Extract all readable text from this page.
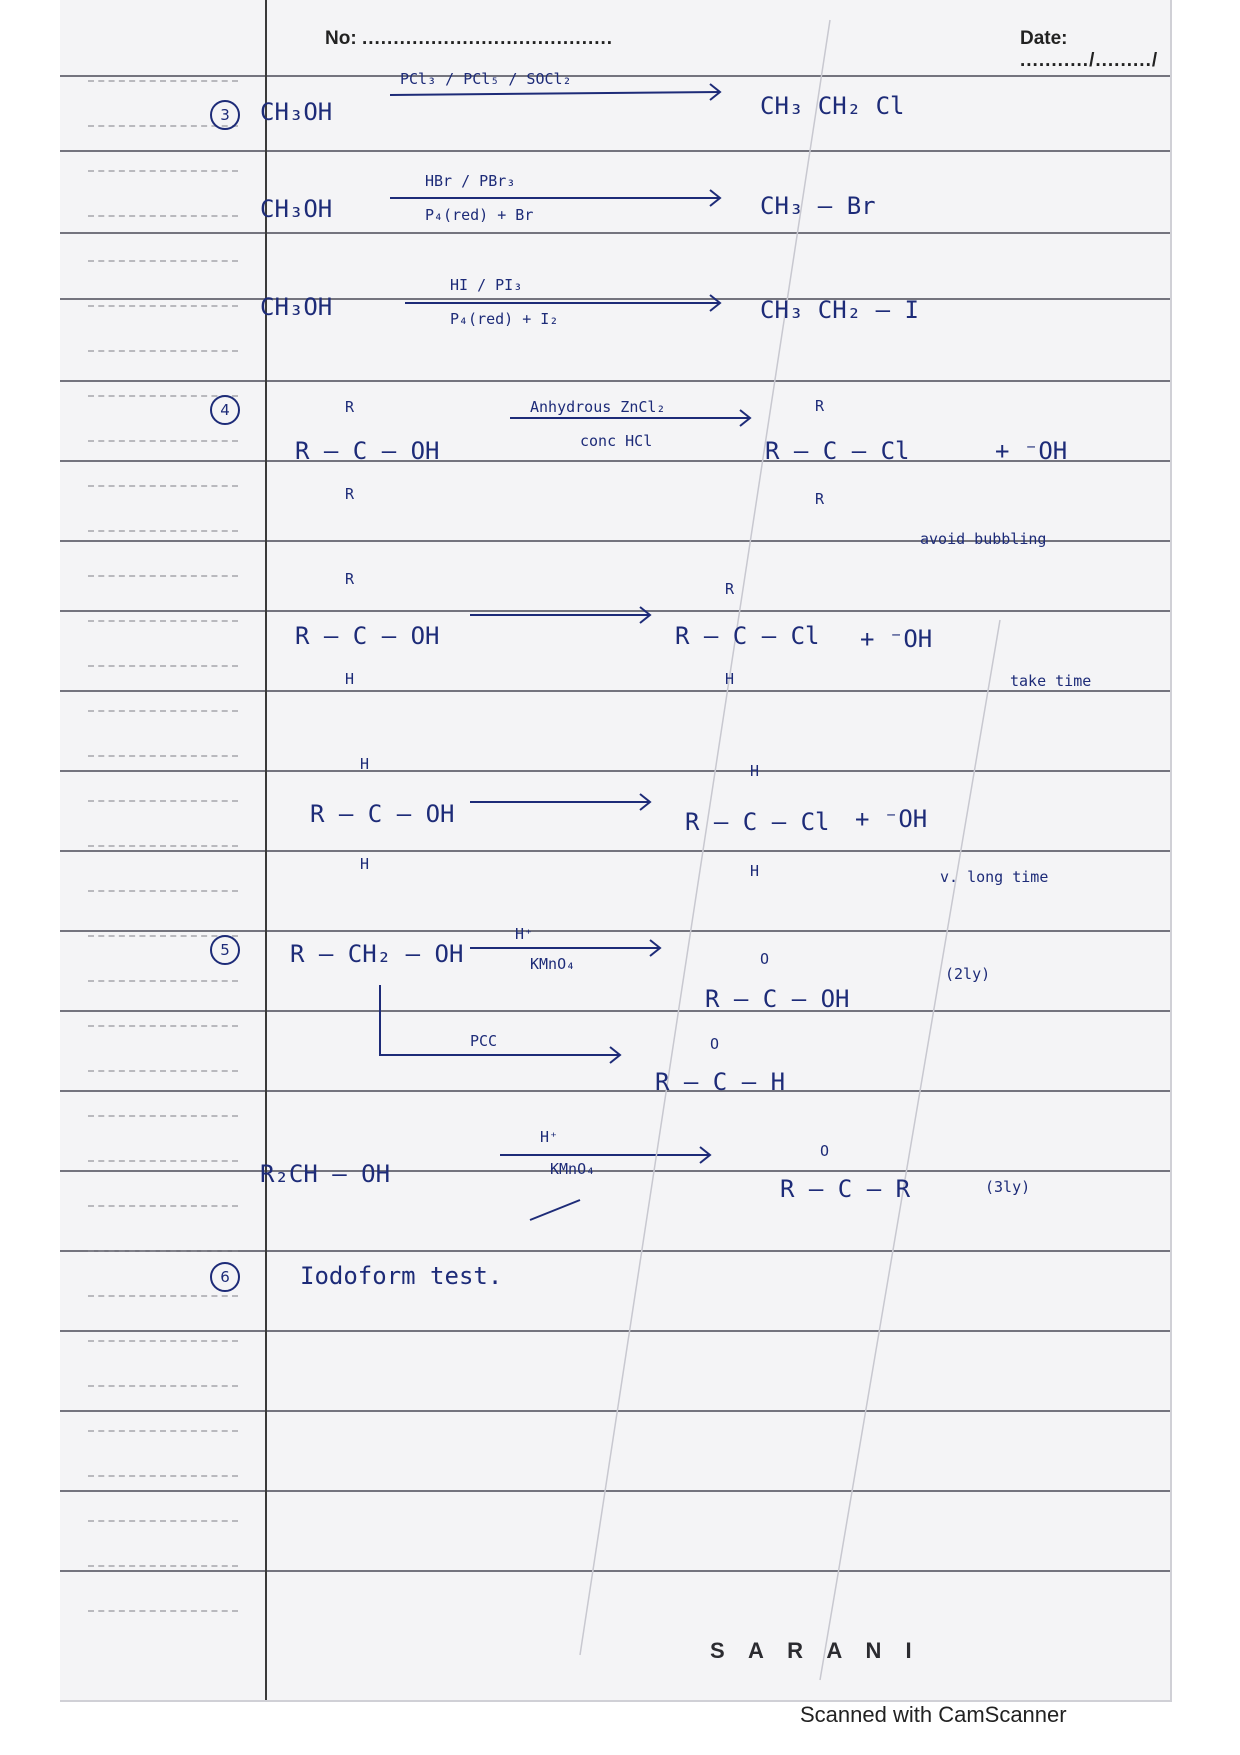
No: ........................................	Date: .........../........./
3 CH₃OH
PCl₃ / PCl₅ / SOCl₂
CH₃ CH₂ Cl
CH₃OH
HBr / PBr₃
P₄(red) + Br	CH₃ – Br
CH₃OH
HI / PI₃
P₄(red) + I₂	CH₃ CH₂ – I
4	R
R – C – OH
R
Anhydrous ZnCl₂
conc HCl
R
R – C – Cl
R
+ ⁻OH
avoid bubbling
R
R – C – OH
H
R
R – C – Cl
H
+ ⁻OH
take time
H
R – C – OH
H
H
R – C – Cl
H
+ ⁻OH
v. long time
5	R – CH₂ – OH
H⁺
KMnO₄	O
R – C – OH
(2ly)
PCC	O
R – C – H
R₂CH – OH
H⁺
KMnO₄
O
R – C – R	(3ly)
6	Iodoform test.
S A R A N I
Scanned with CamScanner
